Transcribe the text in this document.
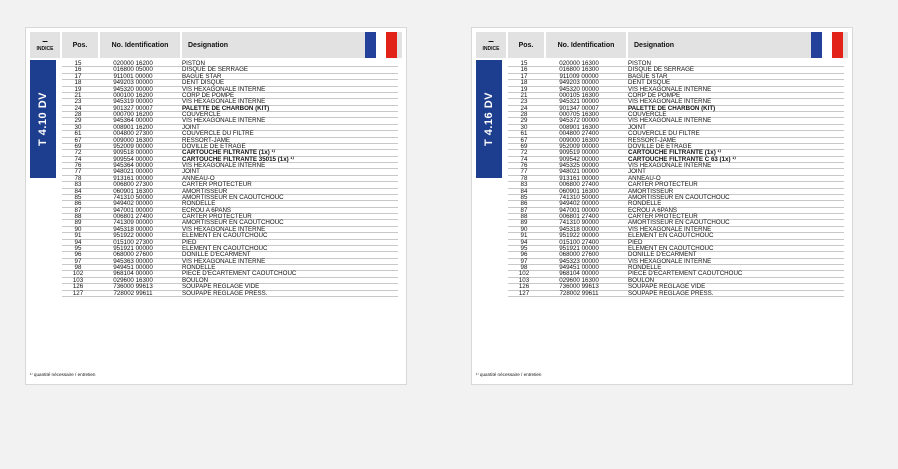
–
INDICE
Pos.	No. Identification	Designation
T 4.10 DV
15	020000 16200	PISTON
16	016800 05000	DISQUE DE SERRAGE
17	911001 00000	BAGUE STAR
18	949203 00000	DENT DISQUE
19	945320 00000	VIS HEXAGONALE INTERNE
21	000100 16200	CORP DE POMPE
23	945319 00000	VIS HEXAGONALE INTERNE
24	901327 00007	PALETTE DE CHARBON (KIT)
28	000700 16200	COUVERCLE
29	945364 00000	VIS HEXAGONALE INTERNE
30	008901 16200	JOINT
61	004800 27300	COUVERCLE DU FILTRE
67	009000 16300	RESSORT-JAME
69	952009 00000	DOVILLE DE ETRAGE
72	909518 00000	CARTOUCHE FILTRANTE (1x) ¹⁾
74	909554 00000	CARTOUCHE FILTRANTE 35015 (1x) ¹⁾
76	945364 00000	VIS HEXAGONALE INTERNE
77	948021 00000	JOINT
78	913161 00000	ANNEAU-O
83	006800 27300	CARTER PROTECTEUR
84	060901 16300	AMORTISSEUR
85	741310 50000	AMORTISSEUR EN CAOUTCHOUC
86	949402 00000	RONDELLE
87	947001 00000	ECROU A 6PANS
88	006801 27400	CARTER PROTECTEUR
89	741309 00000	AMORTISSEUR EN CAOUTCHOUC
90	945318 00000	VIS HEXAGONALE INTERNE
91	951922 00000	ELEMENT EN CAOUTCHOUC
94	015100 27300	PIED
95	951921 00000	ELEMENT EN CAOUTCHOUC
96	068000 27600	DONILLE D'ECARMENT
97	945363 00000	VIS HEXAGONALE INTERNE
98	949451 00000	RONDELLE
102	968104 00000	PIECE D'ECARTEMENT CAOUTCHOUC
103	029600 16300	BOULON
126	736000 99613	SOUPAPE REGLAGE VIDE
127	728002 99611	SOUPAPE REGLAGE PRESS.
¹⁾ quantité nécessaire / entretien
–
INDICE
Pos.	No. Identification	Designation
T 4.16 DV
15	020000 16300	PISTON
16	016800 16300	DISQUE DE SERRAGE
17	911009 00000	BAGUE STAR
18	949203 00000	DENT DISQUE
19	945320 00000	VIS HEXAGONALE INTERNE
21	000105 16300	CORP DE POMPE
23	945321 00000	VIS HEXAGONALE INTERNE
24	901347 00007	PALETTE DE CHARBON (KIT)
28	000705 16300	COUVERCLE
29	945372 00000	VIS HEXAGONALE INTERNE
30	008901 16300	JOINT
61	004800 27400	COUVERCLE DU FILTRE
67	009000 16300	RESSORT-JAME
69	952009 00000	DOVILLE DE ETRAGE
72	909519 00000	CARTOUCHE FILTRANTE (1x) ¹⁾
74	909542 00000	CARTOUCHE FILTRANTE C 63 (1x) ¹⁾
76	945325 00000	VIS HEXAGONALE INTERNE
77	948021 00000	JOINT
78	913161 00000	ANNEAU-O
83	006800 27400	CARTER PROTECTEUR
84	060901 16300	AMORTISSEUR
85	741310 50000	AMORTISSEUR EN CAOUTCHOUC
86	949402 00000	RONDELLE
87	947001 00000	ECROU A 6PANS
88	006801 27400	CARTER PROTECTEUR
89	741310 90000	AMORTISSEUR EN CAOUTCHOUC
90	945318 00000	VIS HEXAGONALE INTERNE
91	951922 00000	ELEMENT EN CAOUTCHOUC
94	015100 27400	PIED
95	951921 00000	ELEMENT EN CAOUTCHOUC
96	068000 27600	DONILLE D'ECARMENT
97	945323 00000	VIS HEXAGONALE INTERNE
98	949451 00000	RONDELLE
102	968104 00000	PIECE D'ECARTEMENT CAOUTCHOUC
103	029600 16300	BOULON
126	736000 99613	SOUPAPE REGLAGE VIDE
127	728002 99611	SOUPAPE REGLAGE PRESS.
¹⁾ quantité nécessaire / entretien
